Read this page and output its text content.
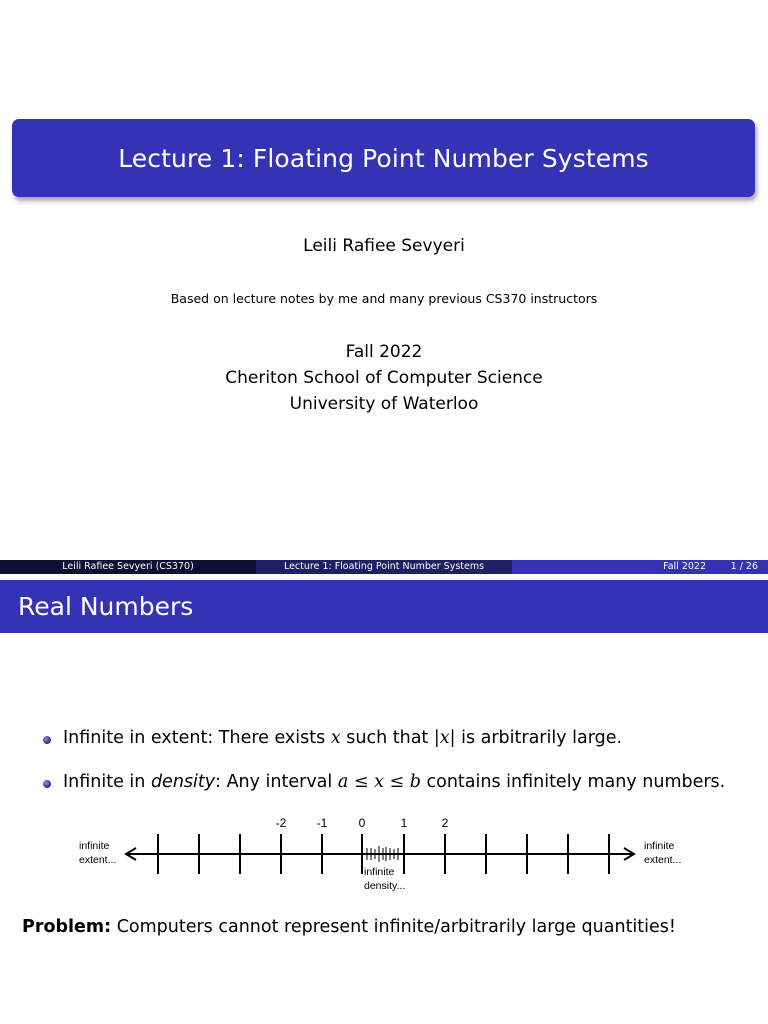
Lecture 1: Floating Point Number Systems
Leili Rafiee Sevyeri
Based on lecture notes by me and many previous CS370 instructors
Fall 2022
Cheriton School of Computer Science
University of Waterloo
Leili Rafiee Sevyeri (CS370)	Lecture 1: Floating Point Number Systems	Fall 2022	1 / 26
Real Numbers
Infinite in extent: There exists x such that |x| is arbitrarily large.
Infinite in density: Any interval a ≤ x ≤ b contains infinitely many numbers.
-2	-1	0	1	2
infinite
extent...
infinite
extent...
infinite
density...
Problem: Computers cannot represent infinite/arbitrarily large quantities!
